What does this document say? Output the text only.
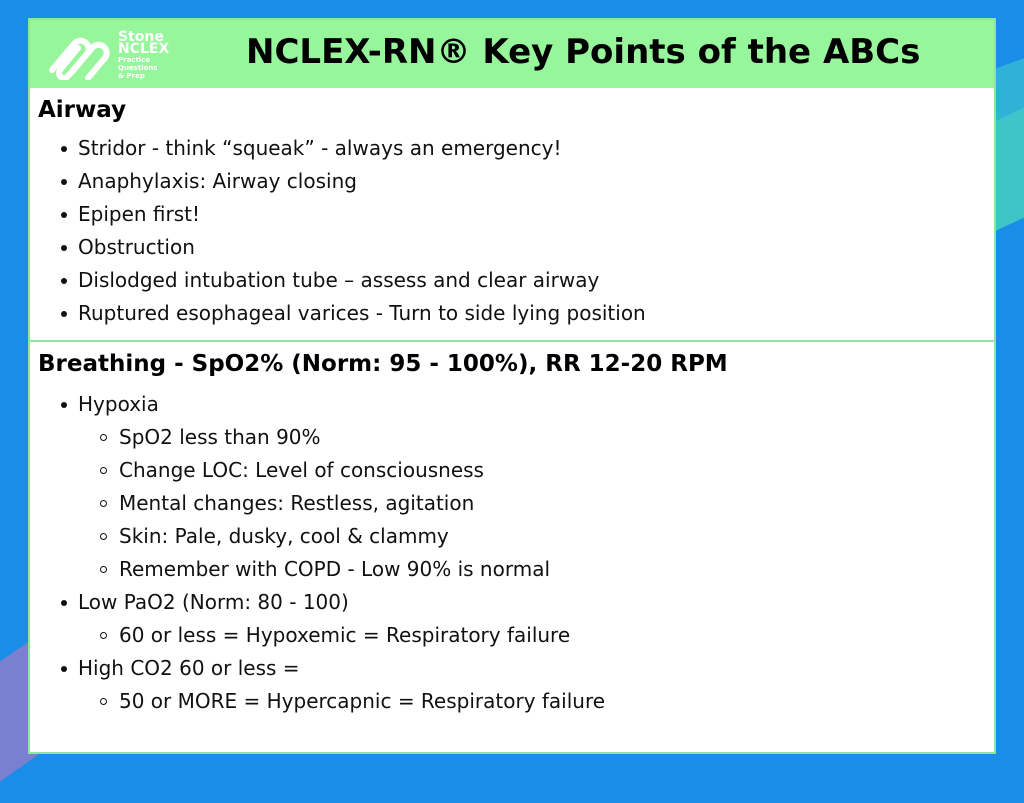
Stone
NCLEX
Practice
Questions
& Prep
NCLEX-RN® Key Points of the ABCs
Airway
Stridor - think “squeak” - always an emergency!
Anaphylaxis: Airway closing
Epipen first!
Obstruction
Dislodged intubation tube – assess and clear airway
Ruptured esophageal varices - Turn to side lying position
Breathing - SpO2% (Norm: 95 - 100%), RR 12-20 RPM
Hypoxia
SpO2 less than 90%
Change LOC: Level of consciousness
Mental changes: Restless, agitation
Skin: Pale, dusky, cool & clammy
Remember with COPD - Low 90% is normal
Low PaO2 (Norm: 80 - 100)
60 or less = Hypoxemic = Respiratory failure
High CO2 60 or less =
50 or MORE = Hypercapnic = Respiratory failure
